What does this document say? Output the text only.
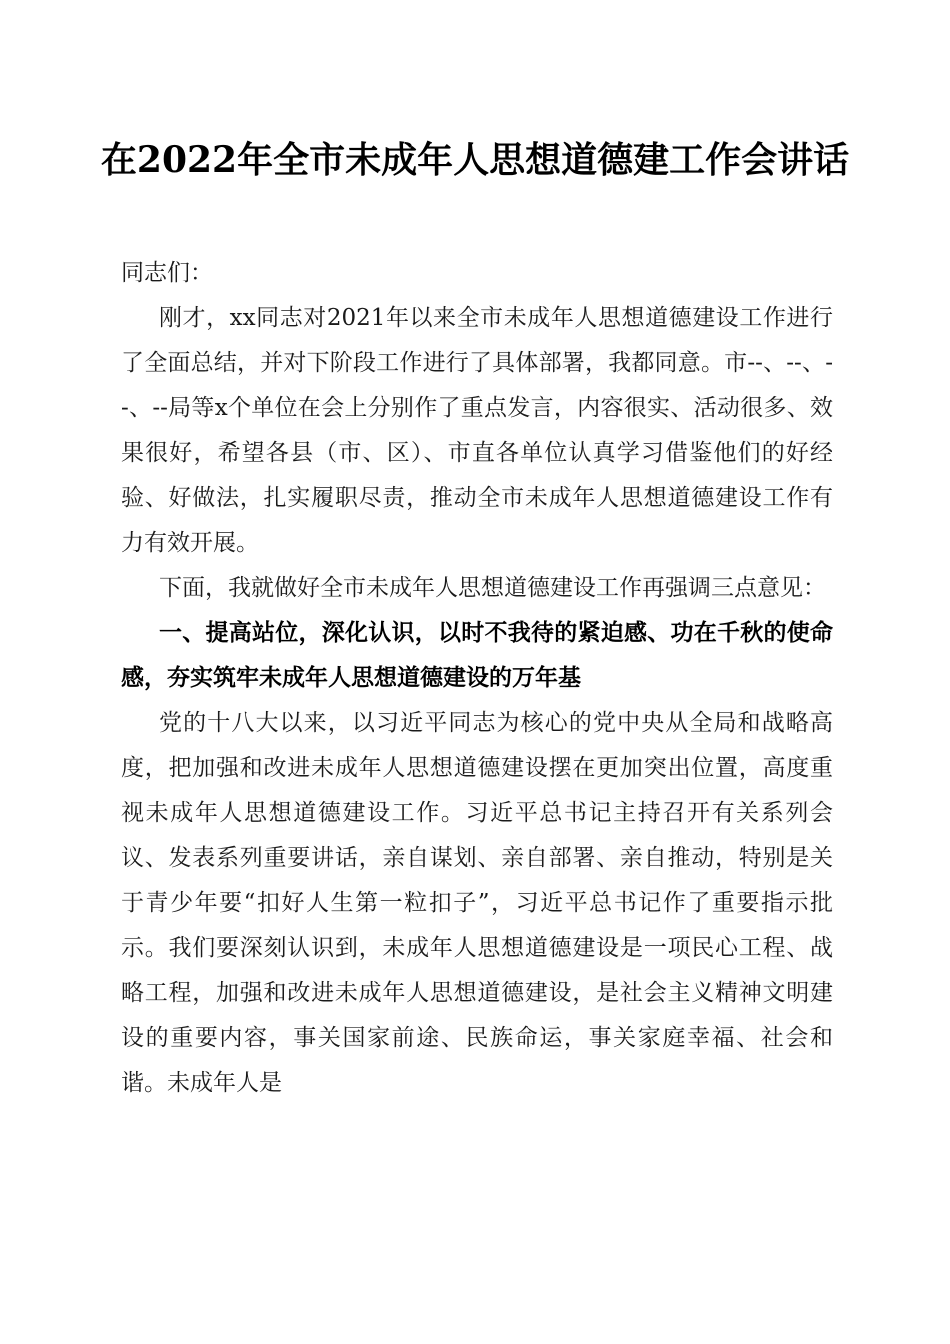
在2022年全市未成年人思想道德建工作会讲话

同志们：

刚才，xx同志对2021年以来全市未成年人思想道德建设工作进行了全面总结，并对下阶段工作进行了具体部署，我都同意。市--、--、--、--局等x个单位在会上分别作了重点发言，内容很实、活动很多、效果很好，希望各县（市、区）、市直各单位认真学习借鉴他们的好经验、好做法，扎实履职尽责，推动全市未成年人思想道德建设工作有力有效开展。

下面，我就做好全市未成年人思想道德建设工作再强调三点意见：

一、提高站位，深化认识，以时不我待的紧迫感、功在千秋的使命感，夯实筑牢未成年人思想道德建设的万年基

党的十八大以来，以习近平同志为核心的党中央从全局和战略高度，把加强和改进未成年人思想道德建设摆在更加突出位置，高度重视未成年人思想道德建设工作。习近平总书记主持召开有关系列会议、发表系列重要讲话，亲自谋划、亲自部署、亲自推动，特别是关于青少年要“扣好人生第一粒扣子”，习近平总书记作了重要指示批示。我们要深刻认识到，未成年人思想道德建设是一项民心工程、战略工程，加强和改进未成年人思想道德建设，是社会主义精神文明建设的重要内容，事关国家前途、民族命运，事关家庭幸福、社会和谐。未成年人是
